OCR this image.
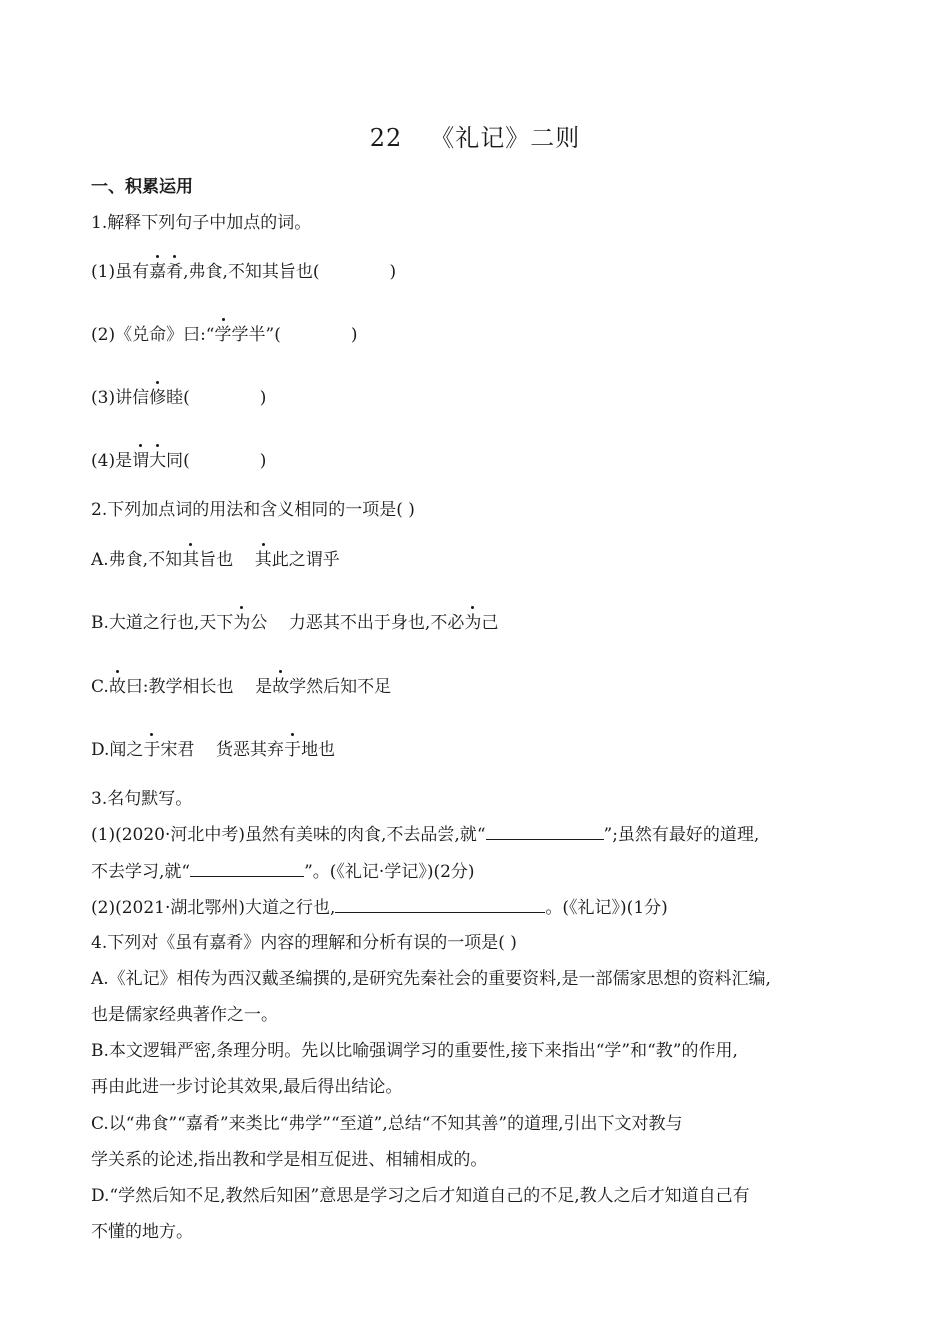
22 《礼记》二则
一、积累运用
1.解释下列句子中加点的词。
(1)虽有嘉肴,弗食,不知其旨也(	)
(2)《兑命》曰:“学学半”(	)
(3)讲信修睦(	)
(4)是谓大同(	)
2.下列加点词的用法和含义相同的一项是( )
A.弗食,不知其旨也    其此之谓乎
B.大道之行也,天下为公    力恶其不出于身也,不必为己
C.故曰:教学相长也    是故学然后知不足
D.闻之于宋君    货恶其弃于地也
3.名句默写。
(1)(2020·河北中考)虽然有美味的肉食,不去品尝,就“	”;虽然有最好的道理,
不去学习,就“	”。(《礼记·学记》)(2分)
(2)(2021·湖北鄂州)大道之行也,	。(《礼记》)(1分)
4.下列对《虽有嘉肴》内容的理解和分析有误的一项是( )
A.《礼记》相传为西汉戴圣编撰的,是研究先秦社会的重要资料,是一部儒家思想的资料汇编,
也是儒家经典著作之一。
B.本文逻辑严密,条理分明。先以比喻强调学习的重要性,接下来指出“学”和“教”的作用,
再由此进一步讨论其效果,最后得出结论。
C.以“弗食”“嘉肴”来类比“弗学”“至道”,总结“不知其善”的道理,引出下文对教与
学关系的论述,指出教和学是相互促进、相辅相成的。
D.“学然后知不足,教然后知困”意思是学习之后才知道自己的不足,教人之后才知道自己有
不懂的地方。
